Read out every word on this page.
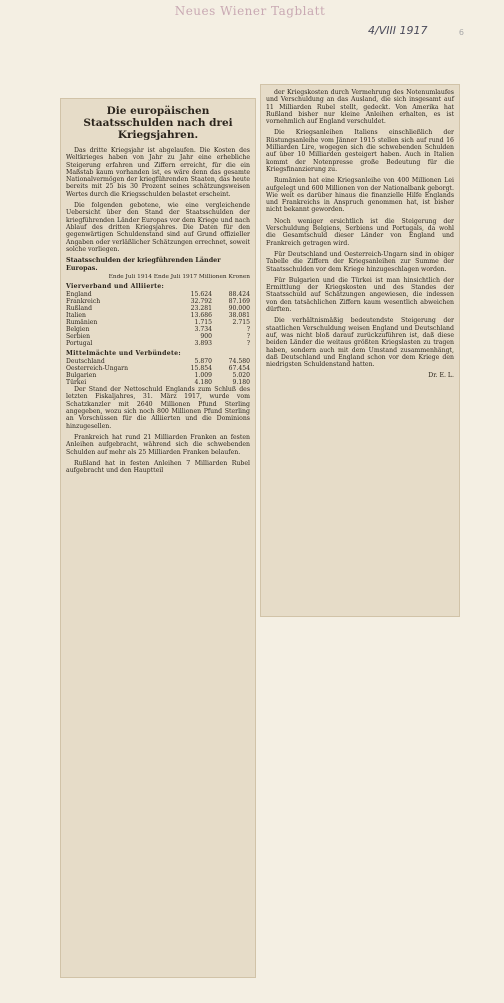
Neues Wiener Tagblatt
4/VIII 1917	6
Die europäischen Staatsschulden nach drei Kriegsjahren.

Das dritte Kriegsjahr ist abgelaufen. Die Kosten des Weltkrieges haben von Jahr zu Jahr eine erhebliche Steigerung erfahren und Ziffern erreicht, für die ein Maßstab kaum vorhanden ist, es wäre denn das gesamte Nationalvermögen der kriegführenden Staaten, das heute bereits mit 25 bis 30 Prozent seines schätzungsweisen Wertes durch die Kriegsschulden belastet erscheint.

Die folgenden gebotene, wie eine vergleichende Uebersicht über den Stand der Staatsschulden der kriegführenden Länder Europas vor dem Kriege und nach Ablauf des dritten Kriegsjahres. Die Daten für den gegenwärtigen Schuldenstand sind auf Grund offizieller Angaben oder verläßlicher Schätzungen errechnet, soweit solche vorliegen.

Staatsschulden der kriegführenden Länder Europas.
Ende Juli 1914 Ende Juli 1917 Millionen Kronen
Vierverband und Alliierte:
England	15.624	88.424
Frankreich	32.792	87.169
Rußland	23.281	90.000
Italien	13.686	38.081
Rumänien	1.715	2.715
Belgien	3.734	?
Serbien	900	?
Portugal	3.893	?
Mittelmächte und Verbündete:
Deutschland	5.870	74.580
Oesterreich-Ungarn	15.854	67.454
Bulgarien	1.009	5.020
Türkei	4.180	9.180

Der Stand der Nettoschuld Englands zum Schluß des letzten Fiskaljahres, 31. März 1917, wurde vom Schatzkanzler mit 2640 Millionen Pfund Sterling angegeben, wozu sich noch 800 Millionen Pfund Sterling an Vorschüssen für die Alliierten und die Dominions hinzugesellen.

Frankreich hat rund 21 Milliarden Franken an festen Anleihen aufgebracht, während sich die schwebenden Schulden auf mehr als 25 Milliarden Franken belaufen.

Rußland hat in festen Anleihen 7 Milliarden Rubel aufgebracht und den Hauptteil

der Kriegskosten durch Vermehrung des Notenumlaufes und Verschuldung an das Ausland, die sich insgesamt auf 11 Milliarden Rubel stellt, gedeckt. Von Amerika hat Rußland bisher nur kleine Anleihen erhalten, es ist vornehmlich auf England verschuldet.

Die Kriegsanleihen Italiens einschließlich der Rüstungsanleihe vom Jänner 1915 stellen sich auf rund 16 Milliarden Lire, wogegen sich die schwebenden Schulden auf über 10 Milliarden gesteigert haben. Auch in Italien kommt der Notenpresse große Bedeutung für die Kriegsfinanzierung zu.

Rumänien hat eine Kriegsanleihe von 400 Millionen Lei aufgelegt und 600 Millionen von der Nationalbank geborgt. Wie weit es darüber hinaus die finanzielle Hilfe Englands und Frankreichs in Anspruch genommen hat, ist bisher nicht bekannt geworden.

Noch weniger ersichtlich ist die Steigerung der Verschuldung Belgiens, Serbiens und Portugals, da wohl die Gesamtschuld dieser Länder von England und Frankreich getragen wird.

Für Deutschland und Oesterreich-Ungarn sind in obiger Tabelle die Ziffern der Kriegsanleihen zur Summe der Staatsschulden vor dem Kriege hinzugeschlagen worden.

Für Bulgarien und die Türkei ist man hinsichtlich der Ermittlung der Kriegskosten und des Standes der Staatsschuld auf Schätzungen angewiesen, die indessen von den tatsächlichen Ziffern kaum wesentlich abweichen dürften.

Die verhältnismäßig bedeutendste Steigerung der staatlichen Verschuldung weisen England und Deutschland auf, was nicht bloß darauf zurückzuführen ist, daß diese beiden Länder die weitaus größten Kriegslasten zu tragen haben, sondern auch mit dem Umstand zusammenhängt, daß Deutschland und England schon vor dem Kriege den niedrigsten Schuldenstand hatten.

Dr. E. L.
